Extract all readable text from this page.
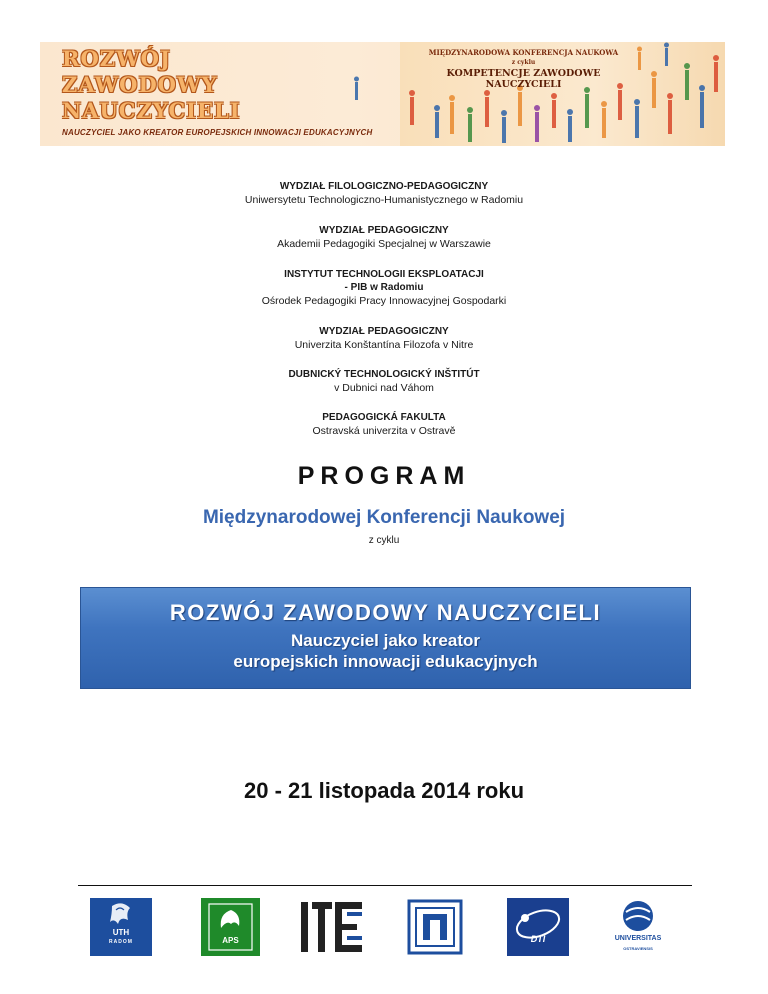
ROZWÓJ
ZAWODOWY
NAUCZYCIELI
NAUCZYCIEL JAKO KREATOR EUROPEJSKICH INNOWACJI EDUKACYJNYCH
MIĘDZYNARODOWA KONFERENCJA NAUKOWA
z cyklu
KOMPETENCJE ZAWODOWE NAUCZYCIELI
WYDZIAŁ FILOLOGICZNO-PEDAGOGICZNY
Uniwersytetu Technologiczno-Humanistycznego w Radomiu
WYDZIAŁ PEDAGOGICZNY
Akademii Pedagogiki Specjalnej w Warszawie
INSTYTUT TECHNOLOGII EKSPLOATACJI
- PIB w Radomiu
Ośrodek Pedagogiki Pracy Innowacyjnej Gospodarki
WYDZIAŁ PEDAGOGICZNY
Univerzita Konštantína Filozofa v Nitre
DUBNICKÝ TECHNOLOGICKÝ INŠTITÚT
v Dubnici nad Váhom
PEDAGOGICKÁ FAKULTA
Ostravská univerzita v Ostravě
PROGRAM
Międzynarodowej Konferencji Naukowej
z cyklu
ROZWÓJ ZAWODOWY NAUCZYCIELI
Nauczyciel jako kreator
europejskich innowacji edukacyjnych
20 - 21 listopada 2014 roku
UTH
RADOM	APS	DTI	UNIVERSITAS
OSTRAVIENSIS
